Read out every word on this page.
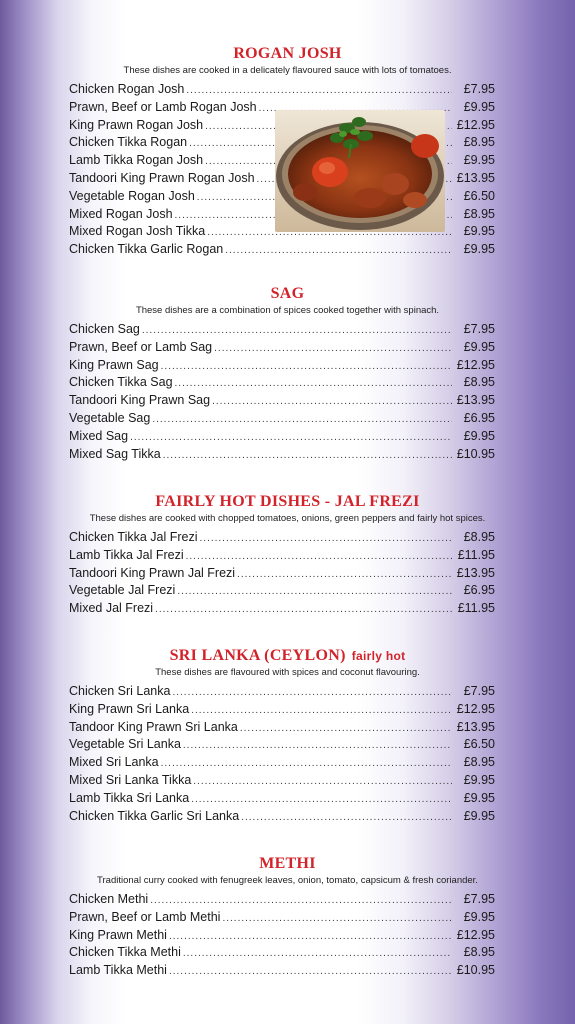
ROGAN JOSH
These dishes are cooked in a delicately flavoured sauce with lots of tomatoes.
Chicken Rogan Josh .....	£7.95
Prawn, Beef or Lamb Rogan Josh .....	£9.95
King Prawn Rogan Josh .....	£12.95
Chicken Tikka Rogan .....	£8.95
Lamb Tikka Rogan Josh .....	£9.95
Tandoori King Prawn Rogan Josh .....	£13.95
Vegetable Rogan Josh .....	£6.50
Mixed Rogan Josh .....	£8.95
Mixed Rogan Josh Tikka .....	£9.95
Chicken Tikka Garlic Rogan .....	£9.95
SAG
These dishes are a combination of spices cooked together with spinach.
Chicken Sag .....	£7.95
Prawn, Beef or Lamb Sag .....	£9.95
King Prawn Sag .....	£12.95
Chicken Tikka Sag .....	£8.95
Tandoori King Prawn Sag .....	£13.95
Vegetable Sag .....	£6.95
Mixed Sag .....	£9.95
Mixed Sag Tikka .....	£10.95
FAIRLY HOT DISHES - JAL FREZI
These dishes are cooked with chopped tomatoes, onions, green peppers and fairly hot spices.
Chicken Tikka Jal Frezi .....	£8.95
Lamb Tikka Jal Frezi .....	£11.95
Tandoori King Prawn Jal Frezi .....	£13.95
Vegetable Jal Frezi .....	£6.95
Mixed Jal Frezi .....	£11.95
SRI LANKA (CEYLON) fairly hot
These dishes are flavoured with spices and coconut flavouring.
Chicken Sri Lanka .....	£7.95
King Prawn Sri Lanka .....	£12.95
Tandoor King Prawn Sri Lanka .....	£13.95
Vegetable Sri Lanka .....	£6.50
Mixed Sri Lanka .....	£8.95
Mixed Sri Lanka Tikka .....	£9.95
Lamb Tikka Sri Lanka .....	£9.95
Chicken Tikka Garlic Sri Lanka .....	£9.95
METHI
Traditional curry cooked with fenugreek leaves, onion, tomato, capsicum & fresh coriander.
Chicken Methi .....	£7.95
Prawn, Beef or Lamb Methi .....	£9.95
King Prawn Methi .....	£12.95
Chicken Tikka Methi .....	£8.95
Lamb Tikka Methi .....	£10.95
